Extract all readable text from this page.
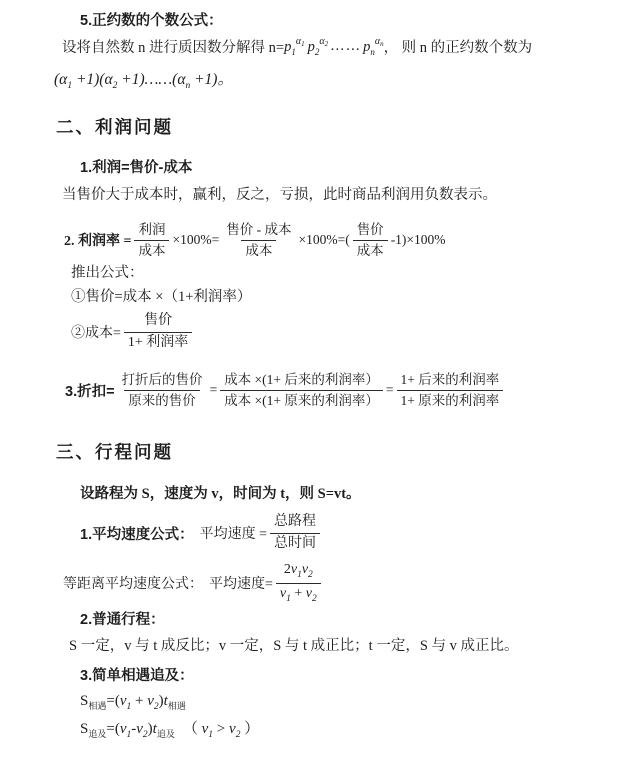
5.正约数的个数公式：
设将自然数 n 进行质因数分解得 $n= p_1^{\alpha_1}$ $p_2^{\alpha_2}$ …… $p_n^{\alpha_n}$ ， 则 n 的正约数个数为
$(\alpha_1 +1)(\alpha_2$ $+1)\dots\dots(\alpha_n +1)$。
二、利润问题
1.利润=售价-成本
当售价大于成本时，赢利，反之，亏损，此时商品利润用负数表示。
2. 利润率 = $\frac{\text{利润}}{\text{成本}} \times 100\%= \frac{\text{售价 - 成本}}{\text{成本}} \times 100\%=( \frac{\text{售价}}{\text{成本}} -1)\times 100\%$
推出公式：
①售价=成本 ×（1+利润率）
②成本= $\frac{\text{售价}}{\text{1+ 利润率}}$
3.折扣= $\frac{\text{打折后的售价}}{\text{原来的售价}} = \frac{\text{成本 ×(1+ 后来的利润率）}}{\text{成本 ×(1+ 原来的利润率）}} = \frac{\text{1+ 后来的利润率}}{\text{1+ 原来的利润率}}$
三、行程问题
设路程为 S，速度为 v，时间为 t，则 S=vt。
1.平均速度公式： 平均速度 = $\frac{\text{总路程}}{\text{总时间}}$
等距离平均速度公式： 平均速度= $\frac{2v_1v_2}{v_1 + v_2}$
2.普通行程：
S 一定，v 与 t 成反比；v 一定，S 与 t 成正比；t 一定，S 与 v 成正比。
3.简单相遇追及：
$S_{相遇}=(v_1 + v_2)t_{相遇}$
$S_{追及}=(v_1-v_2)t_{追及}$ （ $v_1 > v_2$ ）
